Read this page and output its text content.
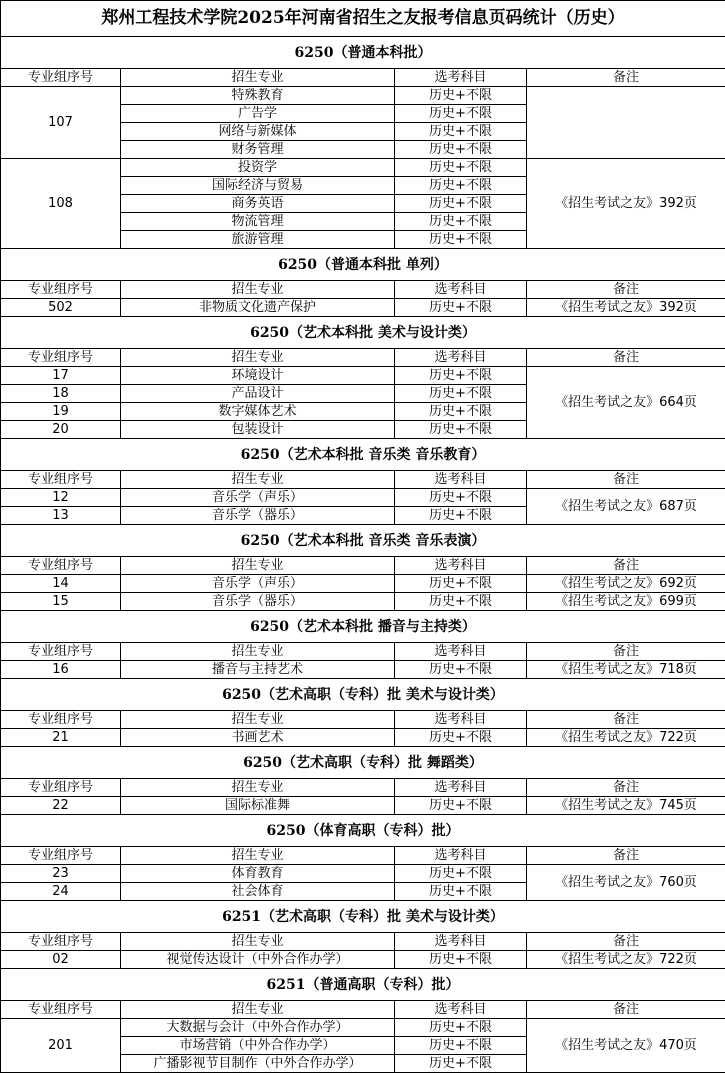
郑州工程技术学院2025年河南省招生之友报考信息页码统计（历史）			
6250（普通本科批）			
专业组序号	招生专业	选考科目	备注
107	特殊教育	历史+不限	
	广告学	历史+不限	
	网络与新媒体	历史+不限	
	财务管理	历史+不限	
108	投资学	历史+不限	《招生考试之友》392页
	国际经济与贸易	历史+不限	
	商务英语	历史+不限	
	物流管理	历史+不限	
	旅游管理	历史+不限	
6250（普通本科批 单列）			
专业组序号	招生专业	选考科目	备注
502	非物质文化遗产保护	历史+不限	《招生考试之友》392页
6250（艺术本科批 美术与设计类）			
专业组序号	招生专业	选考科目	备注
17	环境设计	历史+不限	《招生考试之友》664页
18	产品设计	历史+不限	
19	数字媒体艺术	历史+不限	
20	包装设计	历史+不限	
6250（艺术本科批 音乐类 音乐教育）			
专业组序号	招生专业	选考科目	备注
12	音乐学（声乐）	历史+不限	《招生考试之友》687页
13	音乐学（器乐）	历史+不限	
6250（艺术本科批 音乐类 音乐表演）			
专业组序号	招生专业	选考科目	备注
14	音乐学（声乐）	历史+不限	《招生考试之友》692页
15	音乐学（器乐）	历史+不限	《招生考试之友》699页
6250（艺术本科批 播音与主持类）			
专业组序号	招生专业	选考科目	备注
16	播音与主持艺术	历史+不限	《招生考试之友》718页
6250（艺术高职（专科）批 美术与设计类）			
专业组序号	招生专业	选考科目	备注
21	书画艺术	历史+不限	《招生考试之友》722页
6250（艺术高职（专科）批 舞蹈类）			
专业组序号	招生专业	选考科目	备注
22	国际标准舞	历史+不限	《招生考试之友》745页
6250（体育高职（专科）批）			
专业组序号	招生专业	选考科目	备注
23	体育教育	历史+不限	《招生考试之友》760页
24	社会体育	历史+不限	
6251（艺术高职（专科）批 美术与设计类）			
专业组序号	招生专业	选考科目	备注
02	视觉传达设计（中外合作办学）	历史+不限	《招生考试之友》722页
6251（普通高职（专科）批）			
专业组序号	招生专业	选考科目	备注
201	大数据与会计（中外合作办学）	历史+不限	《招生考试之友》470页
	市场营销（中外合作办学）	历史+不限	
	广播影视节目制作（中外合作办学）	历史+不限	
